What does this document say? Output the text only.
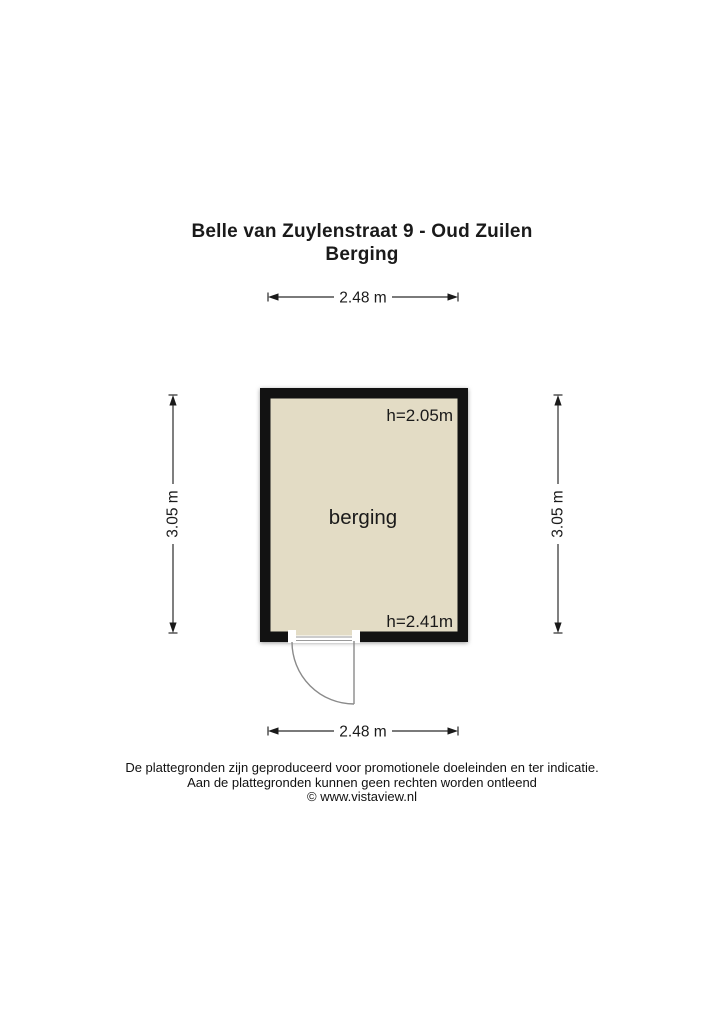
Belle van Zuylenstraat 9 - Oud Zuilen
Berging
2.48 m
3.05 m	3.05 m
h=2.05m
berging
h=2.41m
2.48 m
De plattegronden zijn geproduceerd voor promotionele doeleinden en ter indicatie.
Aan de plattegronden kunnen geen rechten worden ontleend
© www.vistaview.nl
